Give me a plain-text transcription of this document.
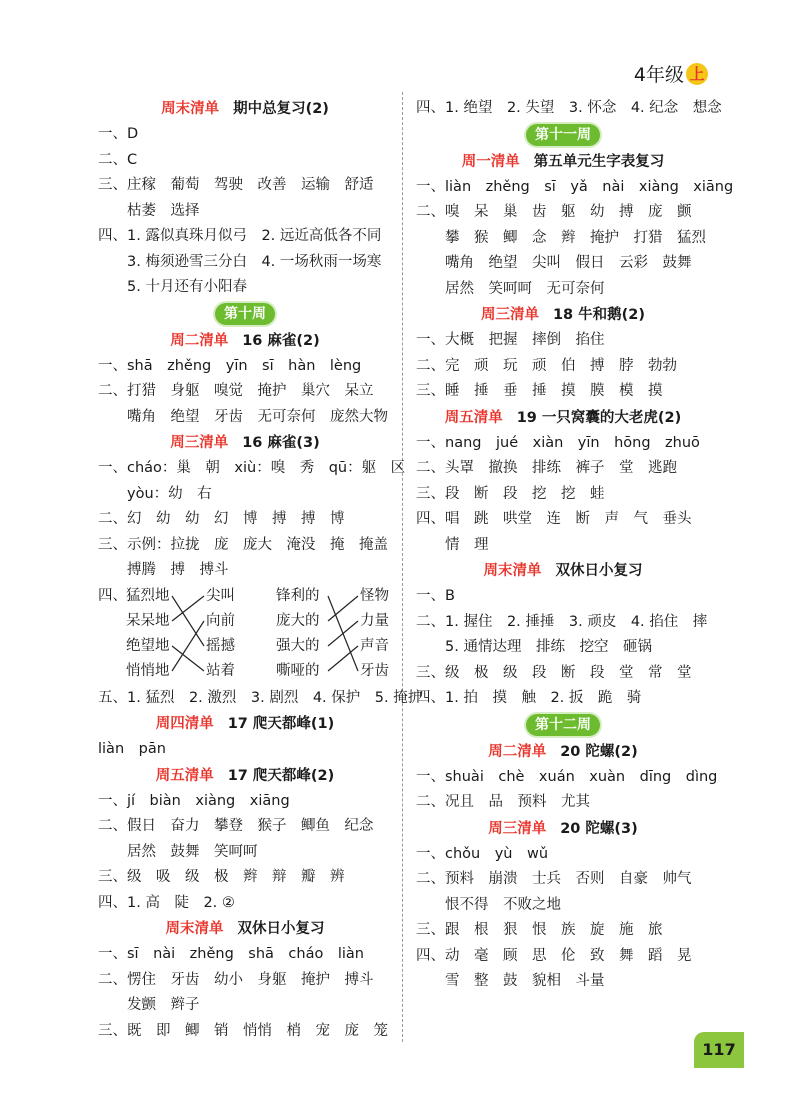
4年级 上
周末清单 期中总复习(2)
一、D
二、C
三、庄稼　葡萄　驾驶　改善　运输　舒适
　　枯萎　选择
四、1. 露似真珠月似弓　2. 远近高低各不同
　　3. 梅须逊雪三分白　4. 一场秋雨一场寒
　　5. 十月还有小阳春
第十周
周二清单 16 麻雀(2)
一、shā　zhěng　yīn　sī　hàn　lèng
二、打猎　身躯　嗅觉　掩护　巢穴　呆立
　　嘴角　绝望　牙齿　无可奈何　庞然大物
周三清单 16 麻雀(3)
一、cháo：巢　朝　xiù：嗅　秀　qū：躯　区
　　yòu：幼　右
二、幻　幼　幼　幻　博　搏　搏　博
三、示例：拉拢　庞　庞大　淹没　掩　掩盖
　　搏腾　搏　搏斗
四、 猛烈地
呆呆地
绝望地
悄悄地
尖叫
向前
摇撼
站着
锋利的
庞大的
强大的
嘶哑的
怪物
力量
声音
牙齿
五、1. 猛烈　2. 激烈　3. 剧烈　4. 保护　5. 掩护
周四清单 17 爬天都峰(1)
liàn　pān
周五清单 17 爬天都峰(2)
一、jí　biàn　xiàng　xiāng
二、假日　奋力　攀登　猴子　鲫鱼　纪念
　　居然　鼓舞　笑呵呵
三、级　吸　级　极　辫　辩　瓣　辨
四、1. 高　陡　2. ②
周末清单 双休日小复习
一、sī　nài　zhěng　shā　cháo　liàn
二、愣住　牙齿　幼小　身躯　掩护　搏斗
　　发颤　辫子
三、既　即　鲫　销　悄悄　梢　宠　庞　笼
四、1. 绝望　2. 失望　3. 怀念　4. 纪念　想念
第十一周
周一清单 第五单元生字表复习
一、liàn　zhěng　sī　yǎ　nài　xiàng　xiāng
二、嗅　呆　巢　齿　躯　幼　搏　庞　颤
　　攀　猴　鲫　念　辫　掩护　打猎　猛烈
　　嘴角　绝望　尖叫　假日　云彩　鼓舞
　　居然　笑呵呵　无可奈何
周三清单 18 牛和鹅(2)
一、大概　把握　摔倒　掐住
二、完　顽　玩　顽　伯　搏　脖　勃勃
三、睡　捶　垂　捶　摸　膜　模　摸
周五清单 19 一只窝囊的大老虎(2)
一、nang　jué　xiàn　yīn　hōng　zhuō
二、头罩　撤换　排练　裤子　堂　逃跑
三、段　断　段　挖　挖　蛙
四、唱　跳　哄堂　连　断　声　气　垂头
　　情　理
周末清单 双休日小复习
一、B
二、1. 握住　2. 捶捶　3. 顽皮　4. 掐住　摔
　　5. 通情达理　排练　挖空　砸锅
三、级　极　级　段　断　段　堂　常　堂
四、1. 拍　摸　触　2. 扳　跪　骑
第十二周
周二清单 20 陀螺(2)
一、shuài　chè　xuán　xuàn　dīng　dìng
二、况且　品　预料　尤其
周三清单 20 陀螺(3)
一、chǒu　yù　wǔ
二、预料　崩溃　士兵　否则　自豪　帅气
　　恨不得　不败之地
三、跟　根　狠　恨　族　旋　施　旅
四、动　毫　顾　思　伦　致　舞　蹈　晃
　　雪　整　鼓　貌相　斗量
117
